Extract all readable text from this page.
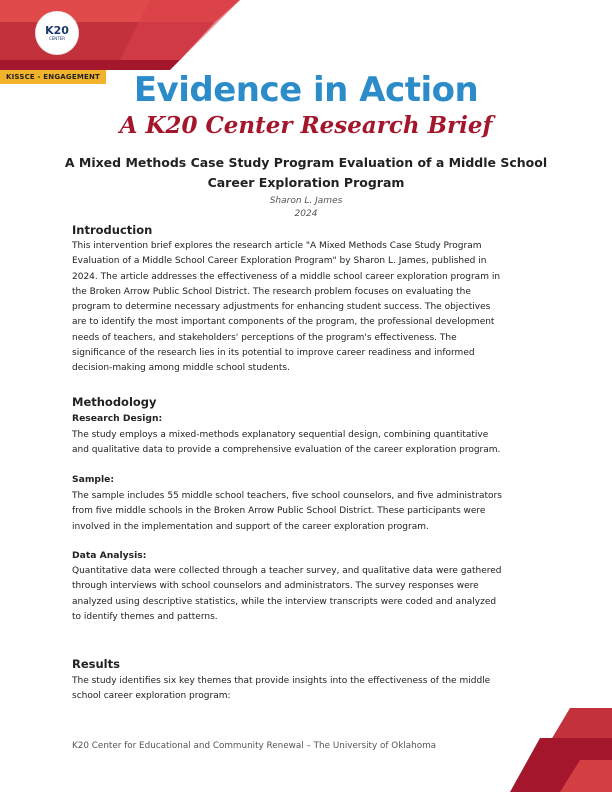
K20
CENTER
KISSCE - ENGAGEMENT Evidence in Action
A K20 Center Research Brief
A Mixed Methods Case Study Program Evaluation of a Middle School
Career Exploration Program
Sharon L. James
2024
Introduction
This intervention brief explores the research article "A Mixed Methods Case Study Program
Evaluation of a Middle School Career Exploration Program" by Sharon L. James, published in
2024. The article addresses the effectiveness of a middle school career exploration program in
the Broken Arrow Public School District. The research problem focuses on evaluating the
program to determine necessary adjustments for enhancing student success. The objectives
are to identify the most important components of the program, the professional development
needs of teachers, and stakeholders' perceptions of the program's effectiveness. The
significance of the research lies in its potential to improve career readiness and informed
decision-making among middle school students.
Methodology
Research Design:
The study employs a mixed-methods explanatory sequential design, combining quantitative
and qualitative data to provide a comprehensive evaluation of the career exploration program.
Sample:
The sample includes 55 middle school teachers, five school counselors, and five administrators
from five middle schools in the Broken Arrow Public School District. These participants were
involved in the implementation and support of the career exploration program.
Data Analysis:
Quantitative data were collected through a teacher survey, and qualitative data were gathered
through interviews with school counselors and administrators. The survey responses were
analyzed using descriptive statistics, while the interview transcripts were coded and analyzed
to identify themes and patterns.
Results
The study identifies six key themes that provide insights into the effectiveness of the middle
school career exploration program:
K20 Center for Educational and Community Renewal – The University of Oklahoma
